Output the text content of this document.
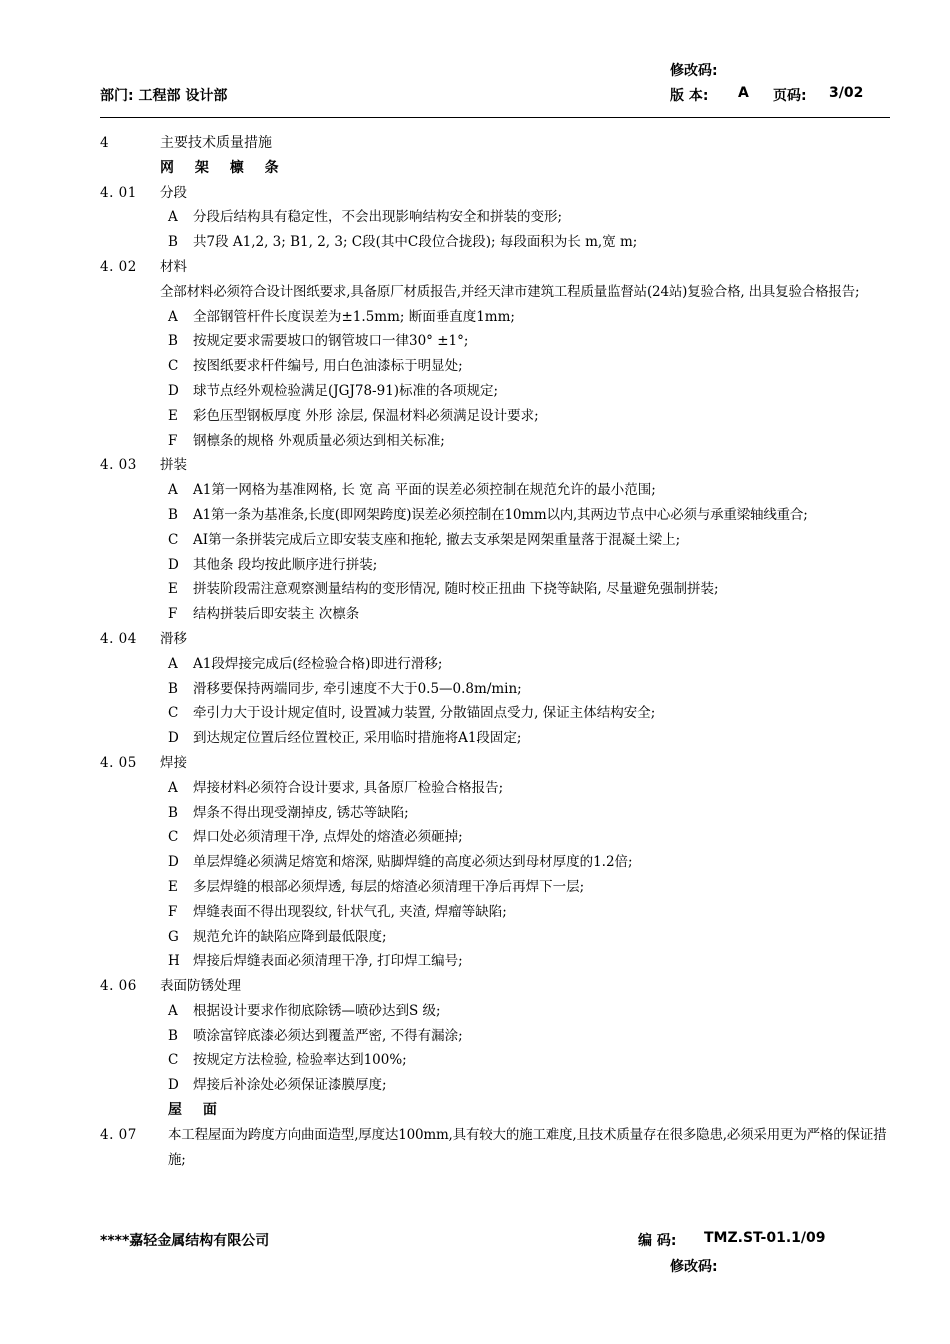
修改码:
部门: 工程部 设计部	版 本: A 页码: 3/02
4	主要技术质量措施
网 架 檩 条
4. 01	分段
A 分段后结构具有稳定性，不会出现影响结构安全和拼装的变形;
B 共7段 A1,2, 3; B1, 2, 3; C段(其中C段位合拢段); 每段面积为长 m,宽 m;
4. 02	材料
全部材料必须符合设计图纸要求,具备原厂材质报告,并经天津市建筑工程质量监督站(24站)复验合格, 出具复验合格报告;
A 全部钢管杆件长度误差为±1.5mm; 断面垂直度1mm;
B 按规定要求需要坡口的钢管坡口一律30° ±1°;
C 按图纸要求杆件编号, 用白色油漆标于明显处;
D 球节点经外观检验满足(JGJ78-91)标准的各项规定;
E 彩色压型钢板厚度 外形 涂层, 保温材料必须满足设计要求;
F 钢檩条的规格 外观质量必须达到相关标准;
4. 03	拼装
A A1第一网格为基准网格, 长 宽 高 平面的误差必须控制在规范允许的最小范围;
B A1第一条为基准条,长度(即网架跨度)误差必须控制在10mm以内,其两边节点中心必须与承重梁轴线重合;
C AI第一条拼装完成后立即安装支座和拖轮, 撤去支承架是网架重量落于混凝土梁上;
D 其他条 段均按此顺序进行拼装;
E 拼装阶段需注意观察测量结构的变形情况, 随时校正扭曲 下挠等缺陷, 尽量避免强制拼装;
F 结构拼装后即安装主 次檩条
4. 04	滑移
A A1段焊接完成后(经检验合格)即进行滑移;
B 滑移要保持两端同步, 牵引速度不大于0.5—0.8m/min;
C 牵引力大于设计规定值时, 设置减力装置, 分散锚固点受力, 保证主体结构安全;
D 到达规定位置后经位置校正, 采用临时措施将A1段固定;
4. 05	焊接
A 焊接材料必须符合设计要求, 具备原厂检验合格报告;
B 焊条不得出现受潮掉皮, 锈芯等缺陷;
C 焊口处必须清理干净, 点焊处的熔渣必须砸掉;
D 单层焊缝必须满足熔宽和熔深, 贴脚焊缝的高度必须达到母材厚度的1.2倍;
E 多层焊缝的根部必须焊透, 每层的熔渣必须清理干净后再焊下一层;
F 焊缝表面不得出现裂纹, 针状气孔, 夹渣, 焊瘤等缺陷;
G 规范允许的缺陷应降到最低限度;
H 焊接后焊缝表面必须清理干净, 打印焊工编号;
4. 06	表面防锈处理
A 根据设计要求作彻底除锈—喷砂达到S 级;
B 喷涂富锌底漆必须达到覆盖严密, 不得有漏涂;
C 按规定方法检验, 检验率达到100%;
D 焊接后补涂处必须保证漆膜厚度;
屋 面
4. 07	本工程屋面为跨度方向曲面造型,厚度达100mm,具有较大的施工难度,且技术质量存在很多隐患,必须采用更为严格的保证措施;
****嘉轻金属结构有限公司	编 码: TMZ.ST-01.1/09
修改码:
